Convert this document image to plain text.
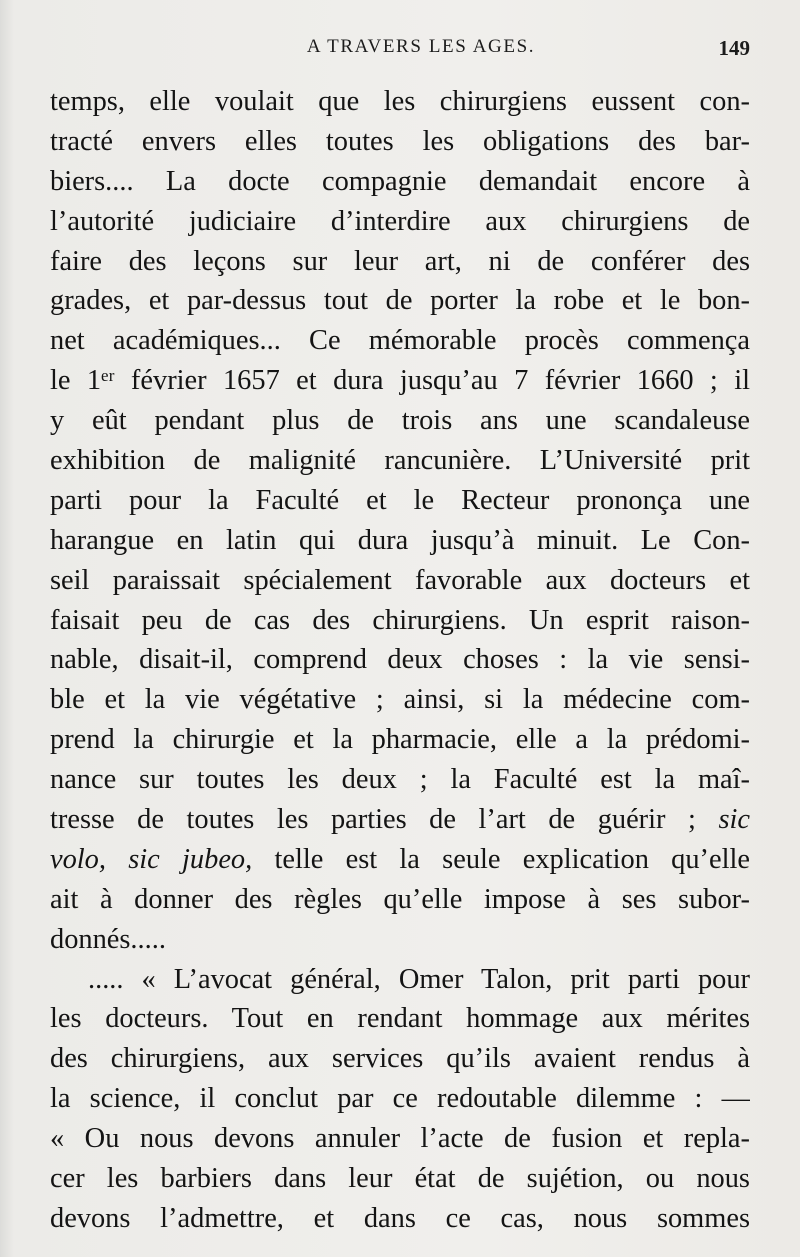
A TRAVERS LES AGES.	149
temps, elle voulait que les chirurgiens eussent con-
tracté envers elles toutes les obligations des bar-
biers.... La docte compagnie demandait encore à
l’autorité judiciaire d’interdire aux chirurgiens de
faire des leçons sur leur art, ni de conférer des
grades, et par-dessus tout de porter la robe et le bon-
net académiques... Ce mémorable procès commença
le 1ᵉʳ février 1657 et dura jusqu’au 7 février 1660 ; il
y eût pendant plus de trois ans une scandaleuse
exhibition de malignité rancunière. L’Université prit
parti pour la Faculté et le Recteur prononça une
harangue en latin qui dura jusqu’à minuit. Le Con-
seil paraissait spécialement favorable aux docteurs et
faisait peu de cas des chirurgiens. Un esprit raison-
nable, disait-il, comprend deux choses : la vie sensi-
ble et la vie végétative ; ainsi, si la médecine com-
prend la chirurgie et la pharmacie, elle a la prédomi-
nance sur toutes les deux ; la Faculté est la maî-
tresse de toutes les parties de l’art de guérir ; sic
volo, sic jubeo, telle est la seule explication qu’elle
ait à donner des règles qu’elle impose à ses subor-
donnés.....
..... « L’avocat général, Omer Talon, prit parti pour
les docteurs. Tout en rendant hommage aux mérites
des chirurgiens, aux services qu’ils avaient rendus à
la science, il conclut par ce redoutable dilemme : —
« Ou nous devons annuler l’acte de fusion et repla-
cer les barbiers dans leur état de sujétion, ou nous
devons l’admettre, et dans ce cas, nous sommes
